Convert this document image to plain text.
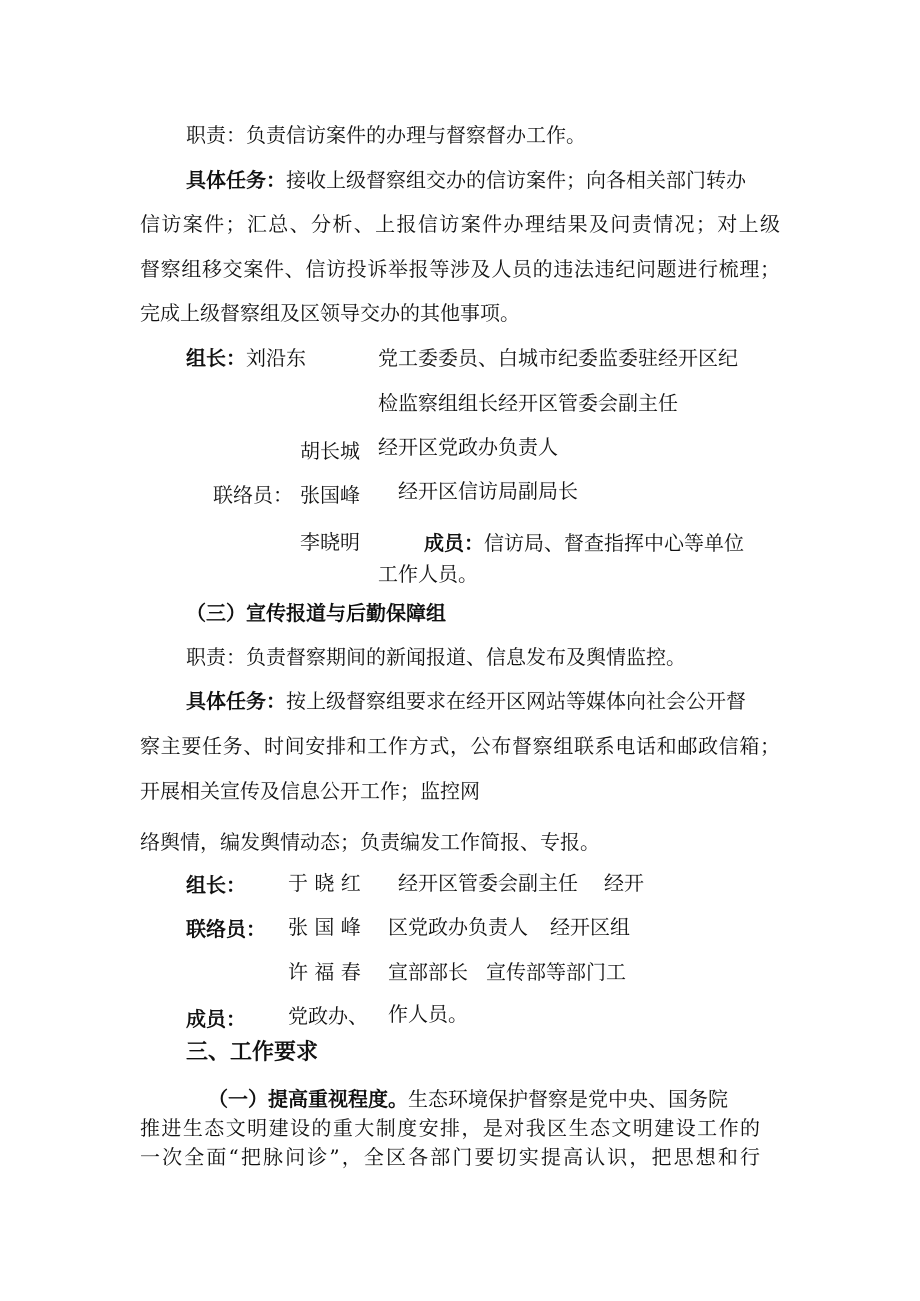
职责：负责信访案件的办理与督察督办工作。

具体任务：接收上级督察组交办的信访案件；向各相关部门转办

信访案件；汇总、分析、上报信访案件办理结果及问责情况；对上级

督察组移交案件、信访投诉举报等涉及人员的违法违纪问题进行梳理；

完成上级督察组及区领导交办的其他事项。

组长：刘沿东	党工委委员、白城市纪委监委驻经开区纪

检监察组组长经开区管委会副主任

胡长城 经开区党政办负责人

联络员： 张国峰 经开区信访局副局长

李晓明	成员：信访局、督查指挥中心等单位

工作人员。

（三）宣传报道与后勤保障组

职责：负责督察期间的新闻报道、信息发布及舆情监控。

具体任务：按上级督察组要求在经开区网站等媒体向社会公开督

察主要任务、时间安排和工作方式，公布督察组联系电话和邮政信箱；

开展相关宣传及信息公开工作；监控网

络舆情，编发舆情动态；负责编发工作简报、专报。

组长： 于 晓 红 经开区管委会副主任 经开

联络员： 张 国 峰 区党政办负责人 经开区组

许 福 春 宣部部长 宣传部等部门工

成员： 党政办、 作人员。

三、工作要求

（一）提高重视程度。生态环境保护督察是党中央、国务院

推进生态文明建设的重大制度安排，是对我区生态文明建设工作的

一次全面“把脉问诊”，全区各部门要切实提高认识，把思想和行
